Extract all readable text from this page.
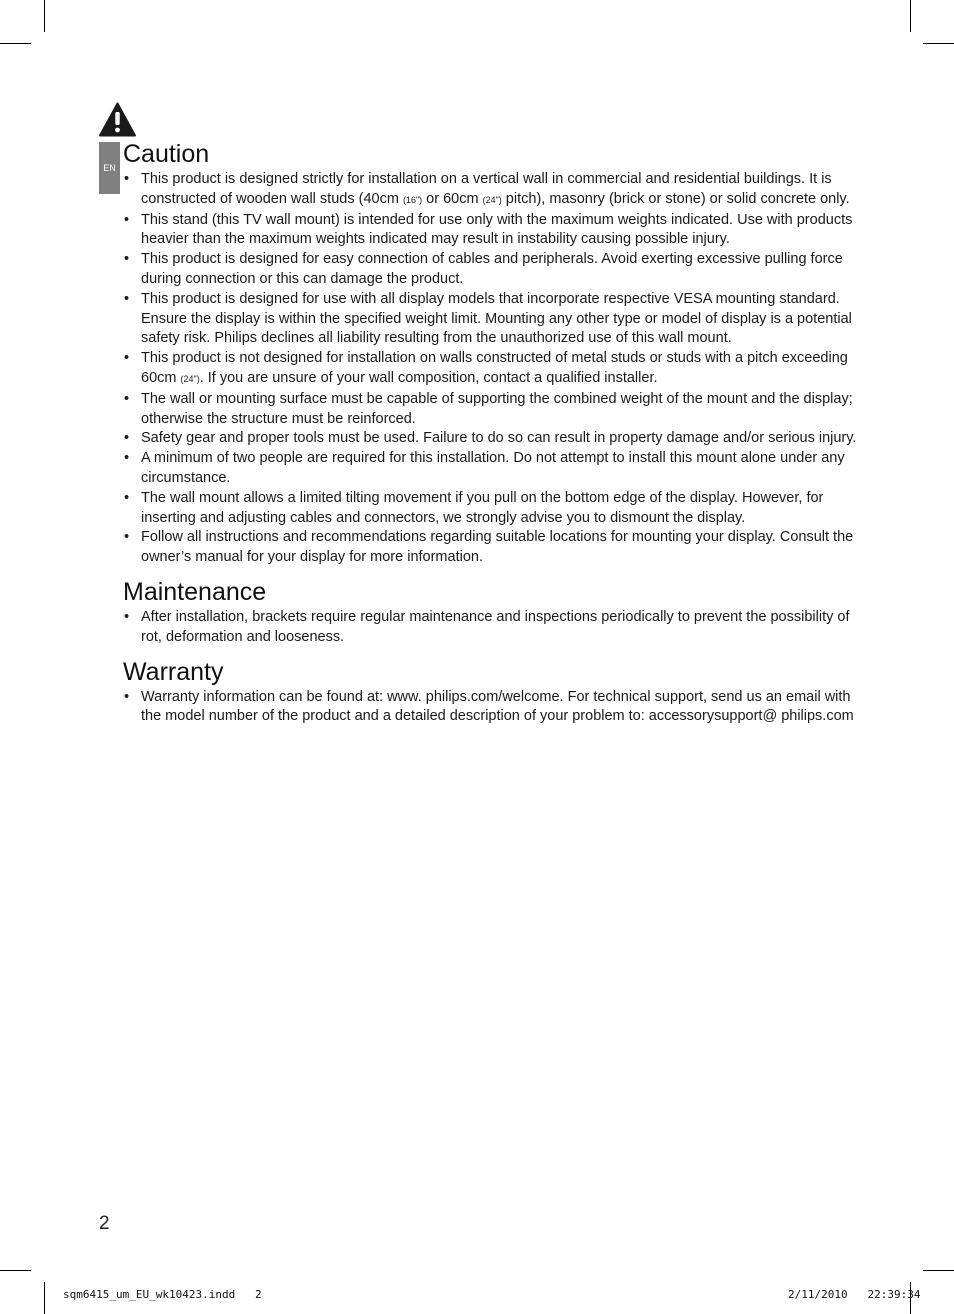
EN Caution
• This product is designed strictly for installation on a vertical wall in commercial and residential buildings. It is constructed of wooden wall studs (40cm (16") or 60cm (24") pitch), masonry (brick or stone) or solid concrete only.
• This stand (this TV wall mount) is intended for use only with the maximum weights indicated. Use with products heavier than the maximum weights indicated may result in instability causing possible injury.
• This product is designed for easy connection of cables and peripherals. Avoid exerting excessive pulling force during connection or this can damage the product.
• This product is designed for use with all display models that incorporate respective VESA mounting standard. Ensure the display is within the specified weight limit. Mounting any other type or model of display is a potential safety risk. Philips declines all liability resulting from the unauthorized use of this wall mount.
• This product is not designed for installation on walls constructed of metal studs or studs with a pitch exceeding 60cm (24"). If you are unsure of your wall composition, contact a qualified installer.
• The wall or mounting surface must be capable of supporting the combined weight of the mount and the display; otherwise the structure must be reinforced.
• Safety gear and proper tools must be used. Failure to do so can result in property damage and/or serious injury.
• A minimum of two people are required for this installation. Do not attempt to install this mount alone under any circumstance.
• The wall mount allows a limited tilting movement if you pull on the bottom edge of the display. However, for inserting and adjusting cables and connectors, we strongly advise you to dismount the display.
• Follow all instructions and recommendations regarding suitable locations for mounting your display. Consult the owner’s manual for your display for more information.
Maintenance
• After installation, brackets require regular maintenance and inspections periodically to prevent the possibility of rot, deformation and looseness.
Warranty
• Warranty information can be found at: www. philips.com/welcome. For technical support, send us an email with the model number of the product and a detailed description of your problem to: accessorysupport@ philips.com
2
sqm6415_um_EU_wk10423.indd   2	2/11/2010   22:39:34
